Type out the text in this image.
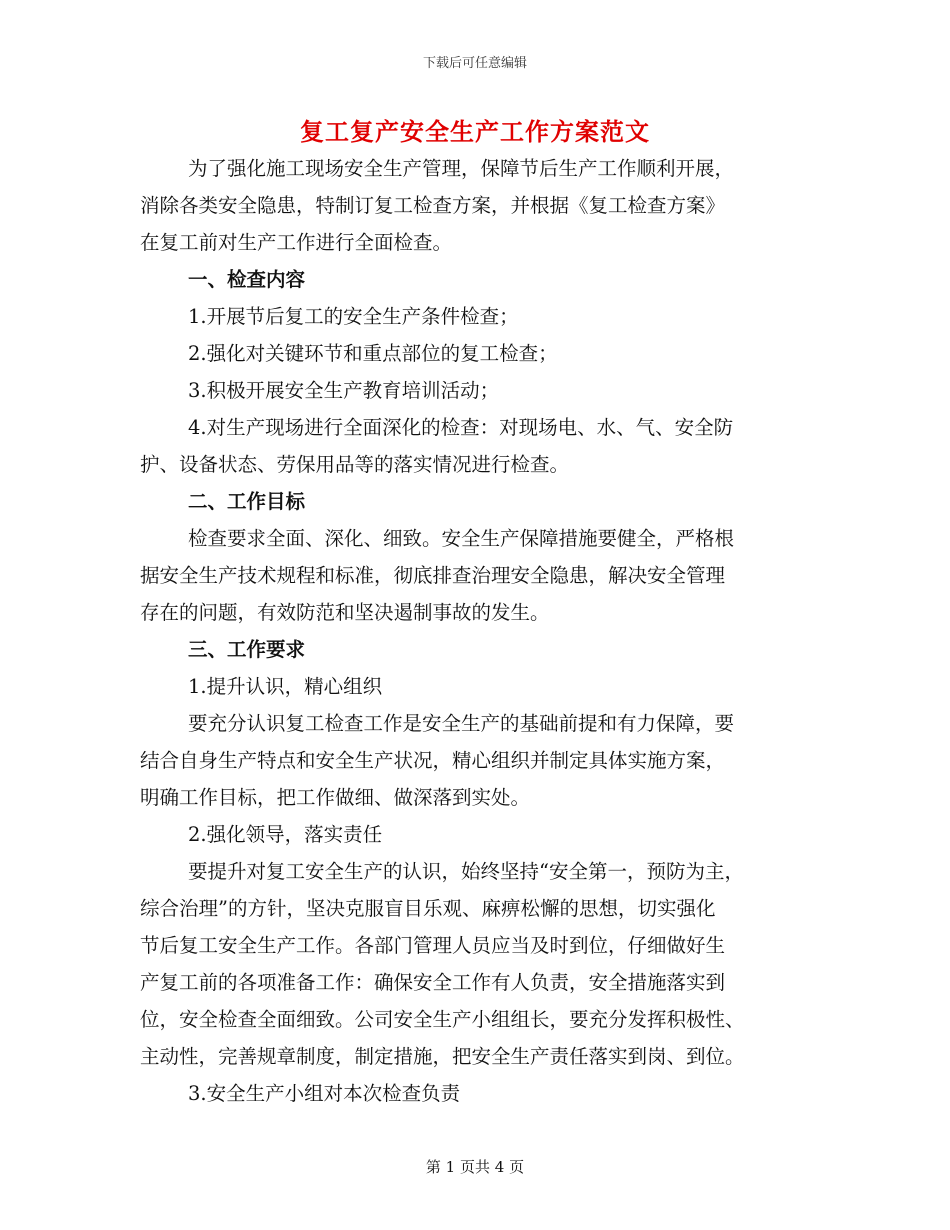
下载后可任意编辑
复工复产安全生产工作方案范文
为了强化施工现场安全生产管理，保障节后生产工作顺利开展，
消除各类安全隐患，特制订复工检查方案，并根据《复工检查方案》
在复工前对生产工作进行全面检查。
一、检查内容
1.开展节后复工的安全生产条件检查；
2.强化对关键环节和重点部位的复工检查；
3.积极开展安全生产教育培训活动；
4.对生产现场进行全面深化的检查：对现场电、水、气、安全防
护、设备状态、劳保用品等的落实情况进行检查。
二、工作目标
检查要求全面、深化、细致。安全生产保障措施要健全，严格根
据安全生产技术规程和标准，彻底排查治理安全隐患，解决安全管理
存在的问题，有效防范和坚决遏制事故的发生。
三、工作要求
1.提升认识，精心组织
要充分认识复工检查工作是安全生产的基础前提和有力保障，要
结合自身生产特点和安全生产状况，精心组织并制定具体实施方案，
明确工作目标，把工作做细、做深落到实处。
2.强化领导，落实责任
要提升对复工安全生产的认识，始终坚持“安全第一，预防为主，
综合治理”的方针，坚决克服盲目乐观、麻痹松懈的思想，切实强化
节后复工安全生产工作。各部门管理人员应当及时到位，仔细做好生
产复工前的各项准备工作：确保安全工作有人负责，安全措施落实到
位，安全检查全面细致。公司安全生产小组组长，要充分发挥积极性、
主动性，完善规章制度，制定措施，把安全生产责任落实到岗、到位。
3.安全生产小组对本次检查负责
第 1 页共 4 页
